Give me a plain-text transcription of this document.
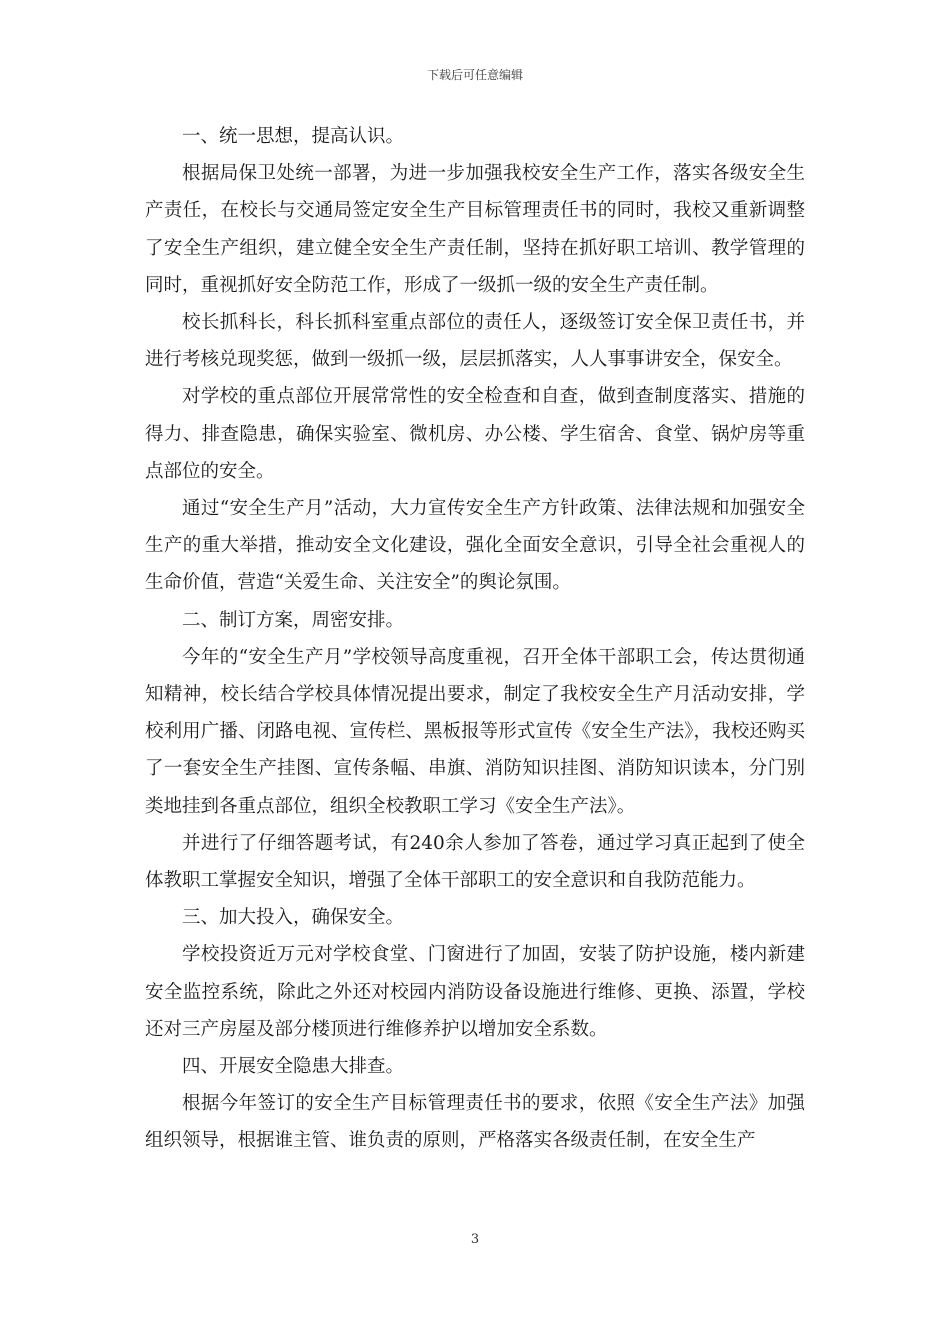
下载后可任意编辑

一、统一思想，提高认识。

根据局保卫处统一部署，为进一步加强我校安全生产工作，落实各级安全生产责任，在校长与交通局签定安全生产目标管理责任书的同时，我校又重新调整了安全生产组织，建立健全安全生产责任制，坚持在抓好职工培训、教学管理的同时，重视抓好安全防范工作，形成了一级抓一级的安全生产责任制。

校长抓科长，科长抓科室重点部位的责任人，逐级签订安全保卫责任书，并进行考核兑现奖惩，做到一级抓一级，层层抓落实，人人事事讲安全，保安全。

对学校的重点部位开展常常性的安全检查和自查，做到查制度落实、措施的得力、排查隐患，确保实验室、微机房、办公楼、学生宿舍、食堂、锅炉房等重点部位的安全。

通过“安全生产月”活动，大力宣传安全生产方针政策、法律法规和加强安全生产的重大举措，推动安全文化建设，强化全面安全意识，引导全社会重视人的生命价值，营造“关爱生命、关注安全”的舆论氛围。

二、制订方案，周密安排。

今年的“安全生产月”学校领导高度重视，召开全体干部职工会，传达贯彻通知精神，校长结合学校具体情况提出要求，制定了我校安全生产月活动安排，学校利用广播、闭路电视、宣传栏、黑板报等形式宣传《安全生产法》，我校还购买了一套安全生产挂图、宣传条幅、串旗、消防知识挂图、消防知识读本，分门别类地挂到各重点部位，组织全校教职工学习《安全生产法》。

并进行了仔细答题考试，有240余人参加了答卷，通过学习真正起到了使全体教职工掌握安全知识，增强了全体干部职工的安全意识和自我防范能力。

三、加大投入，确保安全。

学校投资近万元对学校食堂、门窗进行了加固，安装了防护设施，楼内新建安全监控系统，除此之外还对校园内消防设备设施进行维修、更换、添置，学校还对三产房屋及部分楼顶进行维修养护以增加安全系数。

四、开展安全隐患大排查。

根据今年签订的安全生产目标管理责任书的要求，依照《安全生产法》加强组织领导，根据谁主管、谁负责的原则，严格落实各级责任制，在安全生产

3
